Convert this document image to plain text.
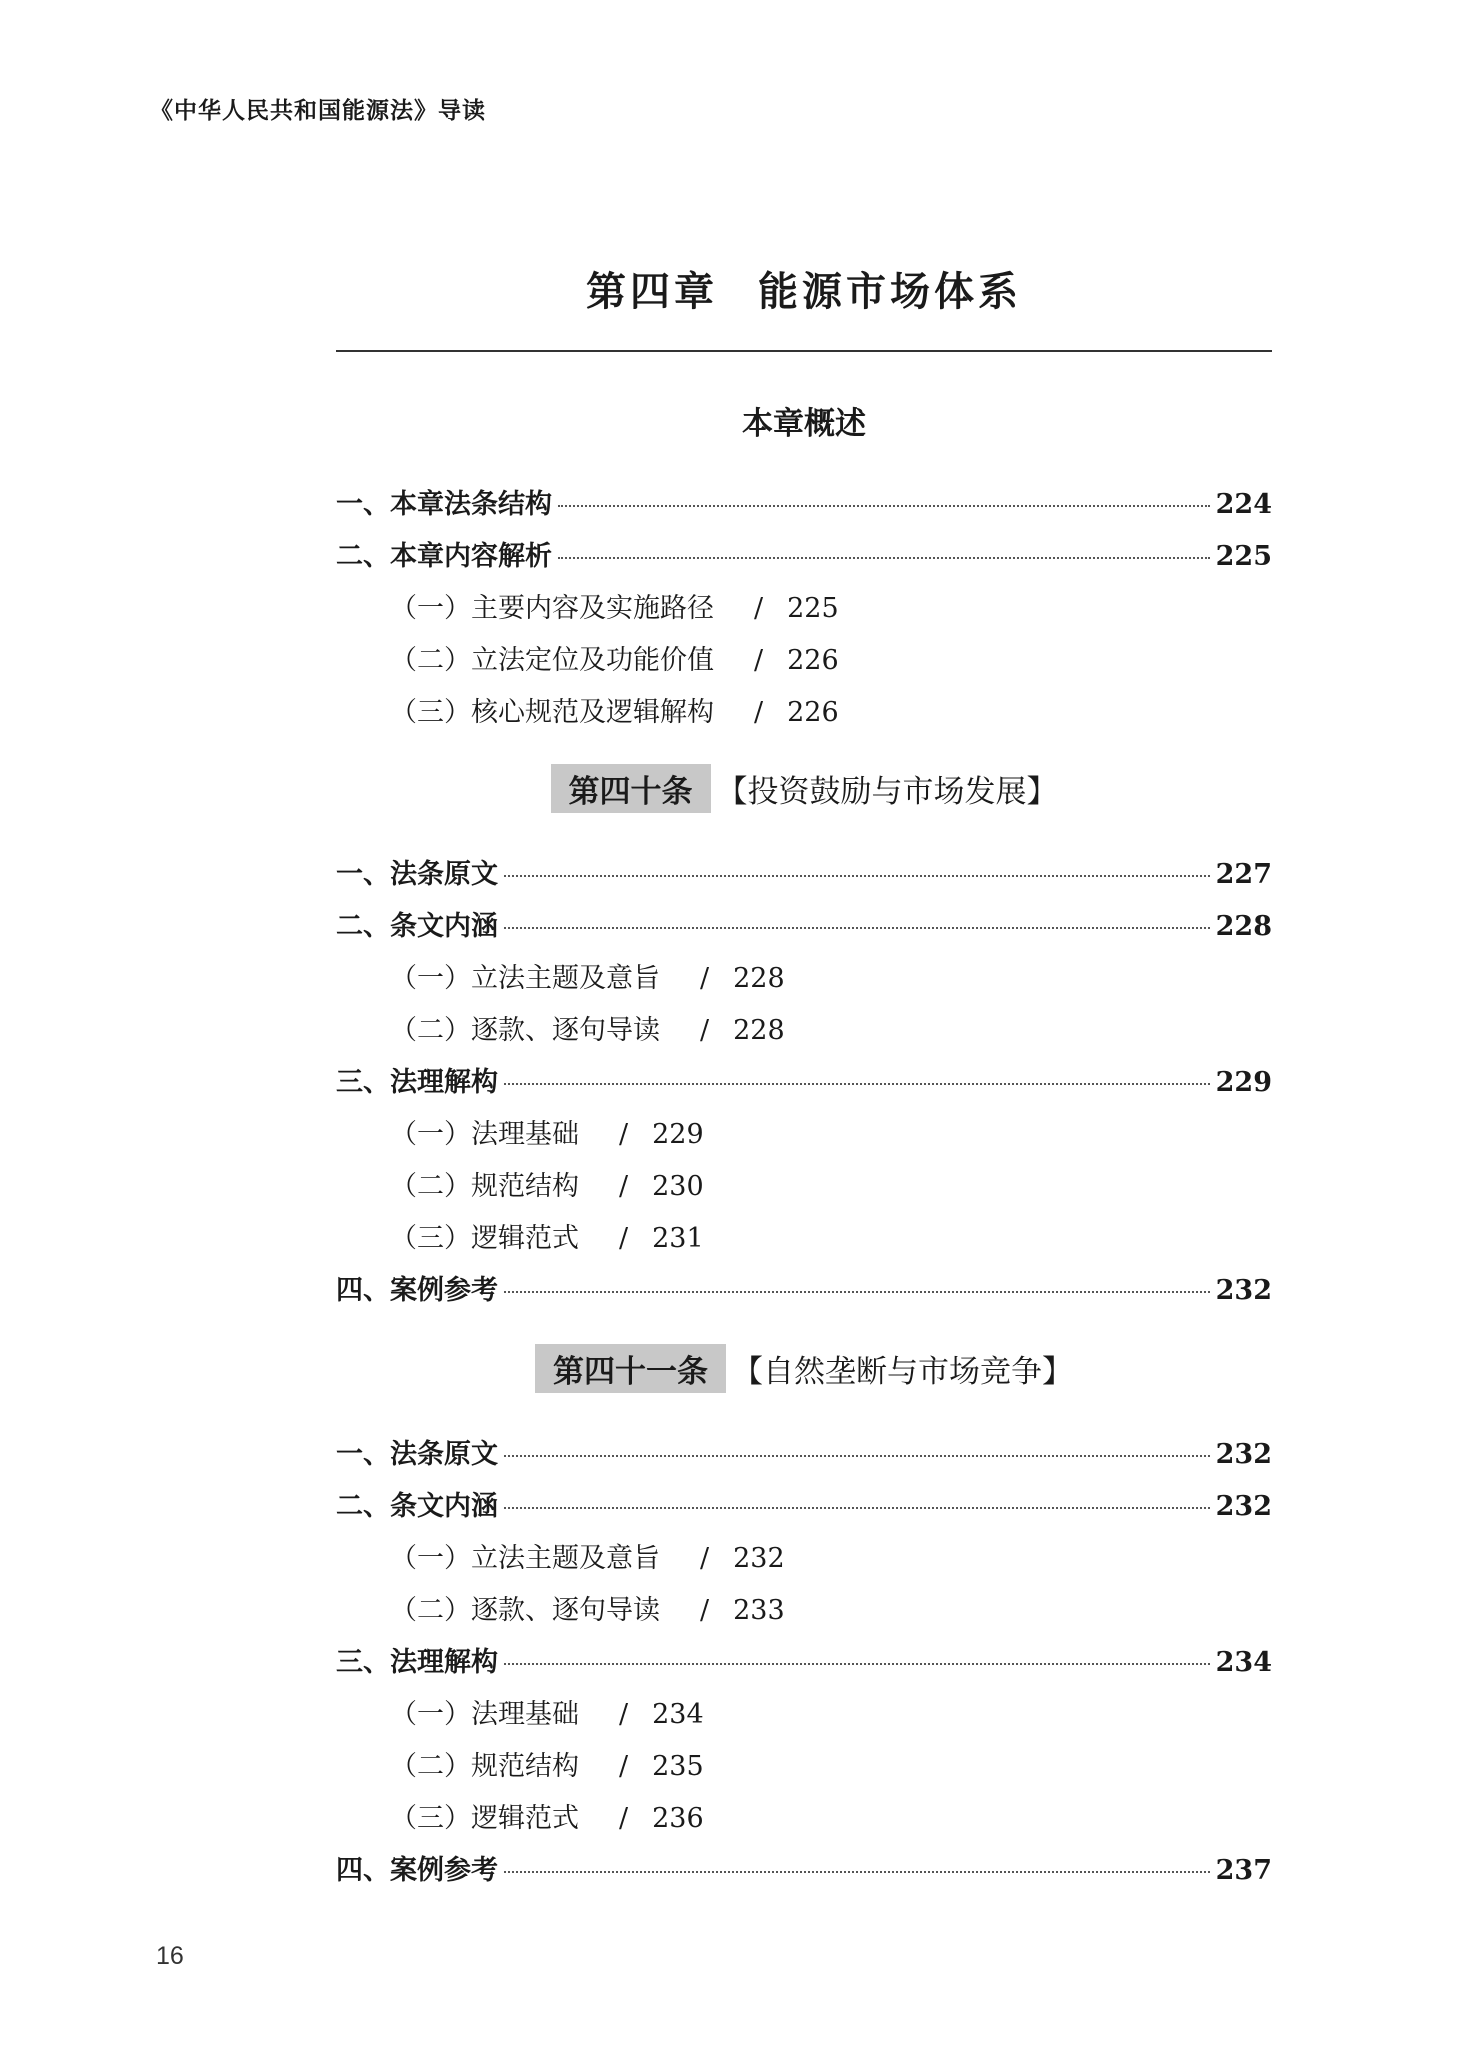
《中华人民共和国能源法》导读
第四章 能源市场体系
本章概述
一、本章法条结构	224
二、本章内容解析	225
（一）主要内容及实施路径 / 225
（二）立法定位及功能价值 / 226
（三）核心规范及逻辑解构 / 226
第四十条 【投资鼓励与市场发展】
一、法条原文	227
二、条文内涵	228
（一）立法主题及意旨 / 228
（二）逐款、逐句导读 / 228
三、法理解构	229
（一）法理基础 / 229
（二）规范结构 / 230
（三）逻辑范式 / 231
四、案例参考	232
第四十一条 【自然垄断与市场竞争】
一、法条原文	232
二、条文内涵	232
（一）立法主题及意旨 / 232
（二）逐款、逐句导读 / 233
三、法理解构	234
（一）法理基础 / 234
（二）规范结构 / 235
（三）逻辑范式 / 236
四、案例参考	237
16
